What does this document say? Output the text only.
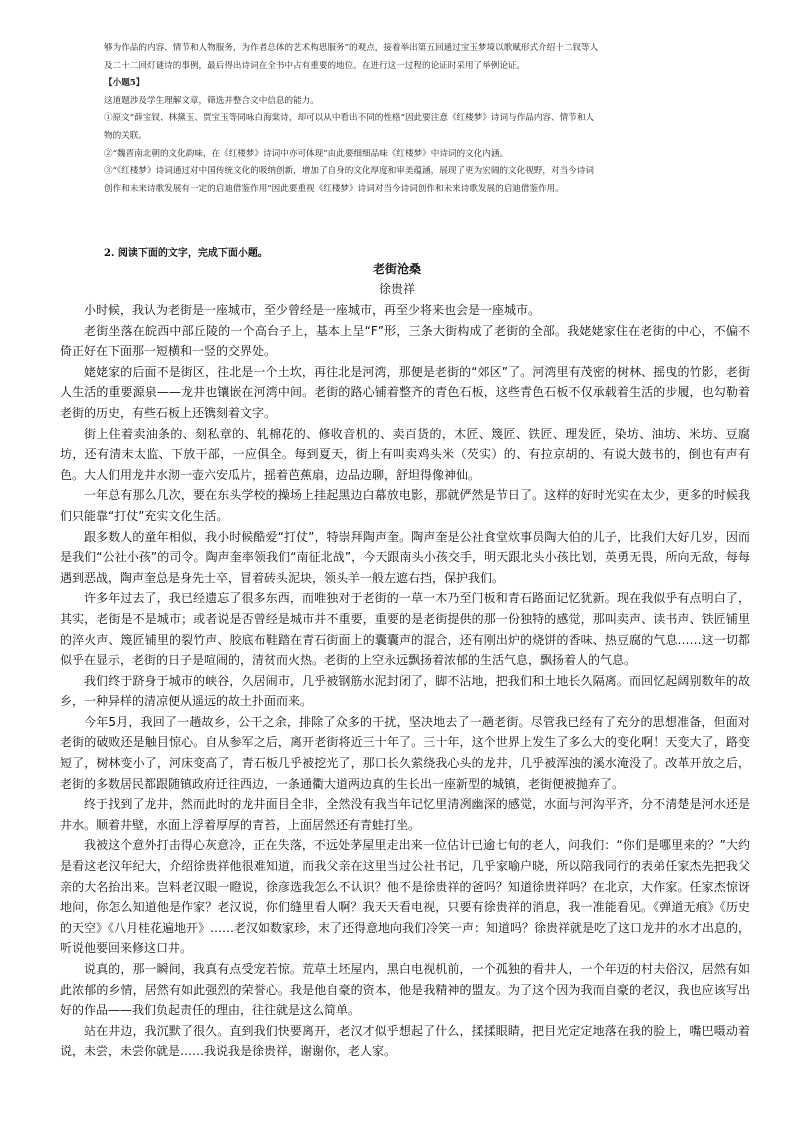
够为作品的内容、情节和人物服务，为作者总体的艺术构思服务”的观点，接着举出第五回通过宝玉梦境以歌赋形式介绍十二钗等人

及二十二回灯谜诗的事例，最后得出诗词在全书中占有重要的地位。在进行这一过程的论证时采用了举例论证。

【小题5】

这道题涉及学生理解文章，筛选并整合文中信息的能力。

①原文“薛宝钗、林黛玉、贾宝玉等同咏白海棠诗，却可以从中看出不同的性格”因此要注意《红楼梦》诗词与作品内容、情节和人

物的关联。

②“魏晋南北朝的文化韵味，在《红楼梦》诗词中亦可体现”由此要细细品味《红楼梦》中诗词的文化内涵。

③“《红楼梦》诗词通过对中国传统文化的吸纳创新，增加了自身的文化厚度和审美蕴涵，展现了更为宏阔的文化视野，对当今诗词

创作和未来诗歌发展有一定的启迪借鉴作用”因此要重视《红楼梦》诗词对当今诗词创作和未来诗歌发展的启迪借鉴作用。

2. 阅读下面的文字，完成下面小题。
老街沧桑
徐贵祥

小时候，我认为老街是一座城市，至少曾经是一座城市，再至少将来也会是一座城市。

老街坐落在皖西中部丘陵的一个高台子上，基本上呈“F”形，三条大街构成了老街的全部。我姥姥家住在老街的中心，不偏不倚正好在下面那一短横和一竖的交界处。

姥姥家的后面不是街区，往北是一个土坎，再往北是河湾，那便是老街的“郊区”了。河湾里有茂密的树林、摇曳的竹影，老街人生活的重要源泉——龙井也镶嵌在河湾中间。老街的路心铺着整齐的青色石板，这些青色石板不仅承载着生活的步履，也勾勒着老街的历史，有些石板上还镌刻着文字。

街上住着卖油条的、刻私章的、轧棉花的、修收音机的、卖百货的，木匠、篾匠、铁匠、理发匠，染坊、油坊、米坊、豆腐坊，还有清末太监、下放干部，一应俱全。每到夏天，街上有叫卖鸡头米（芡实）的、有拉京胡的、有说大鼓书的，倒也有声有色。大人们用龙井水沏一壶六安瓜片，摇着芭蕉扇，边品边聊，舒坦得像神仙。

一年总有那么几次，要在东头学校的操场上挂起黑边白幕放电影，那就俨然是节日了。这样的好时光实在太少，更多的时候我们只能靠“打仗”充实文化生活。

跟多数人的童年相似，我小时候酷爱“打仗”，特崇拜陶声奎。陶声奎是公社食堂炊事员陶大伯的儿子，比我们大好几岁，因而是我们“公社小孩”的司令。陶声奎率领我们“南征北战”，今天跟南头小孩交手，明天跟北头小孩比划，英勇无畏，所向无敌，每每遇到恶战，陶声奎总是身先士卒，冒着砖头泥块，领头羊一般左遮右挡，保护我们。

许多年过去了，我已经遗忘了很多东西，而唯独对于老街的一草一木乃至门板和青石路面记忆犹新。现在我似乎有点明白了，其实，老街是不是城市；或者说是否曾经是城市并不重要，重要的是老街提供的那一份独特的感觉，那叫卖声、读书声、铁匠铺里的淬火声、篾匠铺里的裂竹声、胶底布鞋踏在青石街面上的囊囊声的混合，还有刚出炉的烧饼的香味、热豆腐的气息……这一切都似乎在显示，老街的日子是喧闹的，清贫而火热。老街的上空永远飘扬着浓郁的生活气息，飘扬着人的气息。

我们终于跻身于城市的峡谷，久居闹市，几乎被钢筋水泥封闭了，脚不沾地，把我们和土地长久隔离。而回忆起阔别数年的故乡，一种异样的清凉便从遥远的故土扑面而来。

今年5月，我回了一趟故乡，公干之余，排除了众多的干扰，坚决地去了一趟老街。尽管我已经有了充分的思想准备，但面对老街的破败还是触目惊心。自从参军之后，离开老街将近三十年了。三十年，这个世界上发生了多么大的变化啊！天变大了，路变短了，树林变小了，河床变高了，青石板几乎被挖光了，那口长久萦绕我心头的龙井，几乎被浑浊的溪水淹没了。改革开放之后，老街的多数居民都跟随镇政府迁往西边，一条通衢大道两边真的生长出一座新型的城镇，老街便被抛弃了。

终于找到了龙井，然而此时的龙井面目全非，全然没有我当年记忆里清冽幽深的感觉，水面与河沟平齐，分不清楚是河水还是井水。顺着井壁，水面上浮着厚厚的青苔，上面居然还有青蛙打坐。

我被这个意外打击得心灰意冷，正在失落，不远处茅屋里走出来一位估计已逾七旬的老人，问我们：“你们是哪里来的？”大约是看这老汉年纪大，介绍徐贵祥他很难知道，而我父亲在这里当过公社书记，几乎家喻户晓，所以陪我同行的表弟任家杰先把我父亲的大名抬出来。岂料老汉眼一瞪说，徐彦选我怎么不认识？他不是徐贵祥的爸吗？知道徐贵祥吗？在北京，大作家。任家杰惊讶地问，你怎么知道他是作家？老汉说，你们缝里看人啊？我天天看电视，只要有徐贵祥的消息，我一准能看见。《弹道无痕》《历史的天空》《八月桂花遍地开》……老汉如数家珍，末了还得意地向我们冷笑一声：知道吗？徐贵祥就是吃了这口龙井的水才出息的，听说他要回来修这口井。

说真的，那一瞬间，我真有点受宠若惊。荒草土坯屋内，黑白电视机前，一个孤独的看井人，一个年迈的村夫俗汉，居然有如此浓郁的乡情，居然有如此强烈的荣誉心。我是他自豪的资本，他是我精神的盟友。为了这个因为我而自豪的老汉，我也应该写出好的作品——我们负起责任的理由，往往就是这么简单。

站在井边，我沉默了很久。直到我们快要离开，老汉才似乎想起了什么，揉揉眼睛，把目光定定地落在我的脸上，嘴巴嗫动着说，未尝，未尝你就是……我说我是徐贵祥，谢谢你，老人家。
